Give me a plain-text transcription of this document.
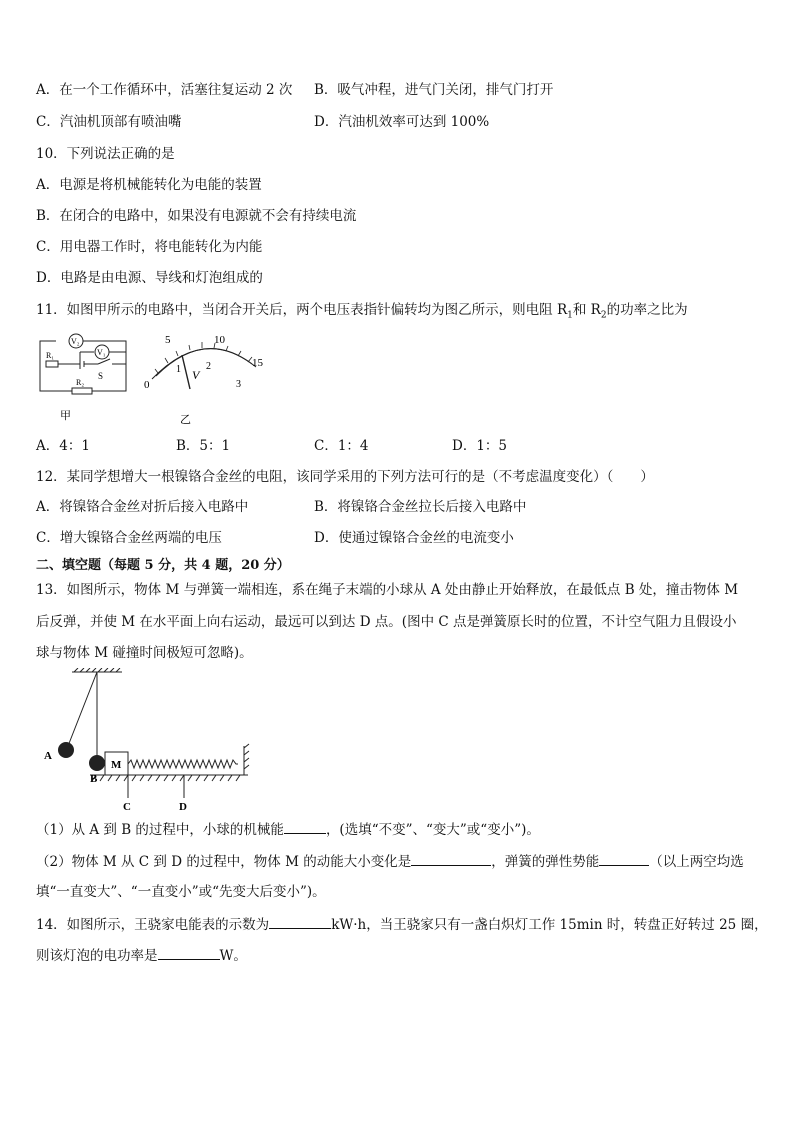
A．在一个工作循环中，活塞往复运动 2 次 B．吸气冲程，进气门关闭，排气门打开
C．汽油机顶部有喷油嘴	D．汽油机效率可达到 100%
10．下列说法正确的是
A．电源是将机械能转化为电能的装置
B．在闭合的电路中，如果没有电源就不会有持续电流
C．用电器工作时，将电能转化为内能
D．电路是由电源、导线和灯泡组成的
11．如图甲所示的电路中，当闭合开关后，两个电压表指针偏转均为图乙所示，则电阻 $R_1$和 $R_2$的功率之比为
V₂
V₁
R₁
R₂
S
甲
0
5	10
15
1	2
3
V
乙
A．4：1	B．5：1	C．1：4	D．1：5
12．某同学想增大一根镍铬合金丝的电阻，该同学采用的下列方法可行的是（不考虑温度变化）（　　）
A．将镍铬合金丝对折后接入电路中	B．将镍铬合金丝拉长后接入电路中
C．增大镍铬合金丝两端的电压	D．使通过镍铬合金丝的电流变小
二、填空题（每题 5 分，共 4 题，20 分）
13．如图所示，物体 M 与弹簧一端相连，系在绳子末端的小球从 A 处由静止开始释放，在最低点 B 处，撞击物体 M
后反弹，并使 M 在水平面上向右运动，最远可以到达 D 点。(图中 C 点是弹簧原长时的位置，不计空气阻力且假设小
球与物体 M 碰撞时间极短可忽略)。
A
B
M
C	D
（1）从 A 到 B 的过程中，小球的机械能	，(选填“不变”、“变大”或“变小”)。
（2）物体 M 从 C 到 D 的过程中，物体 M 的动能大小变化是	，弹簧的弹性势能	（以上两空均选
填“一直变大”、“一直变小”或“先变大后变小”)。
14．如图所示，王骁家电能表的示数为	kW·h，当王骁家只有一盏白炽灯工作 15min 时，转盘正好转过 25 圈，
则该灯泡的电功率是	W。
